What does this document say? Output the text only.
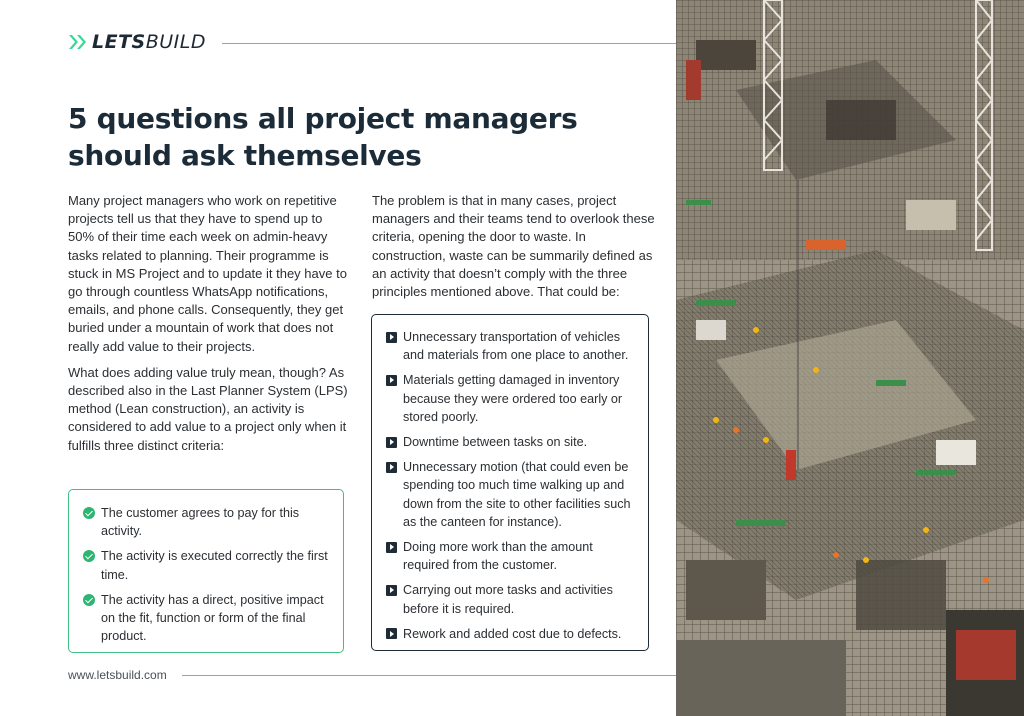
LETSBUILD
5 questions all project managers should ask themselves

Many project managers who work on repetitive projects tell us that they have to spend up to 50% of their time each week on admin-heavy tasks related to planning. Their programme is stuck in MS Project and to update it they have to go through countless WhatsApp notifications, emails, and phone calls. Consequently, they get buried under a mountain of work that does not really add value to their projects.

What does adding value truly mean, though? As described also in the Last Planner System (LPS) method (Lean construction), an activity is considered to add value to a project only when it fulfills three distinct criteria:

The customer agrees to pay for this activity.
The activity is executed correctly the first time.
The activity has a direct, positive impact on the fit, function or form of the final product.

The problem is that in many cases, project managers and their teams tend to overlook these criteria, opening the door to waste. In construction, waste can be summarily defined as an activity that doesn’t comply with the three principles mentioned above. That could be:

Unnecessary transportation of vehicles and materials from one place to another.
Materials getting damaged in inventory because they were ordered too early or stored poorly.
Downtime between tasks on site.
Unnecessary motion (that could even be spending too much time walking up and down from the site to other facilities such as the canteen for instance).
Doing more work than the amount required from the customer.
Carrying out more tasks and activities before it is required.
Rework and added cost due to defects.
www.letsbuild.com
